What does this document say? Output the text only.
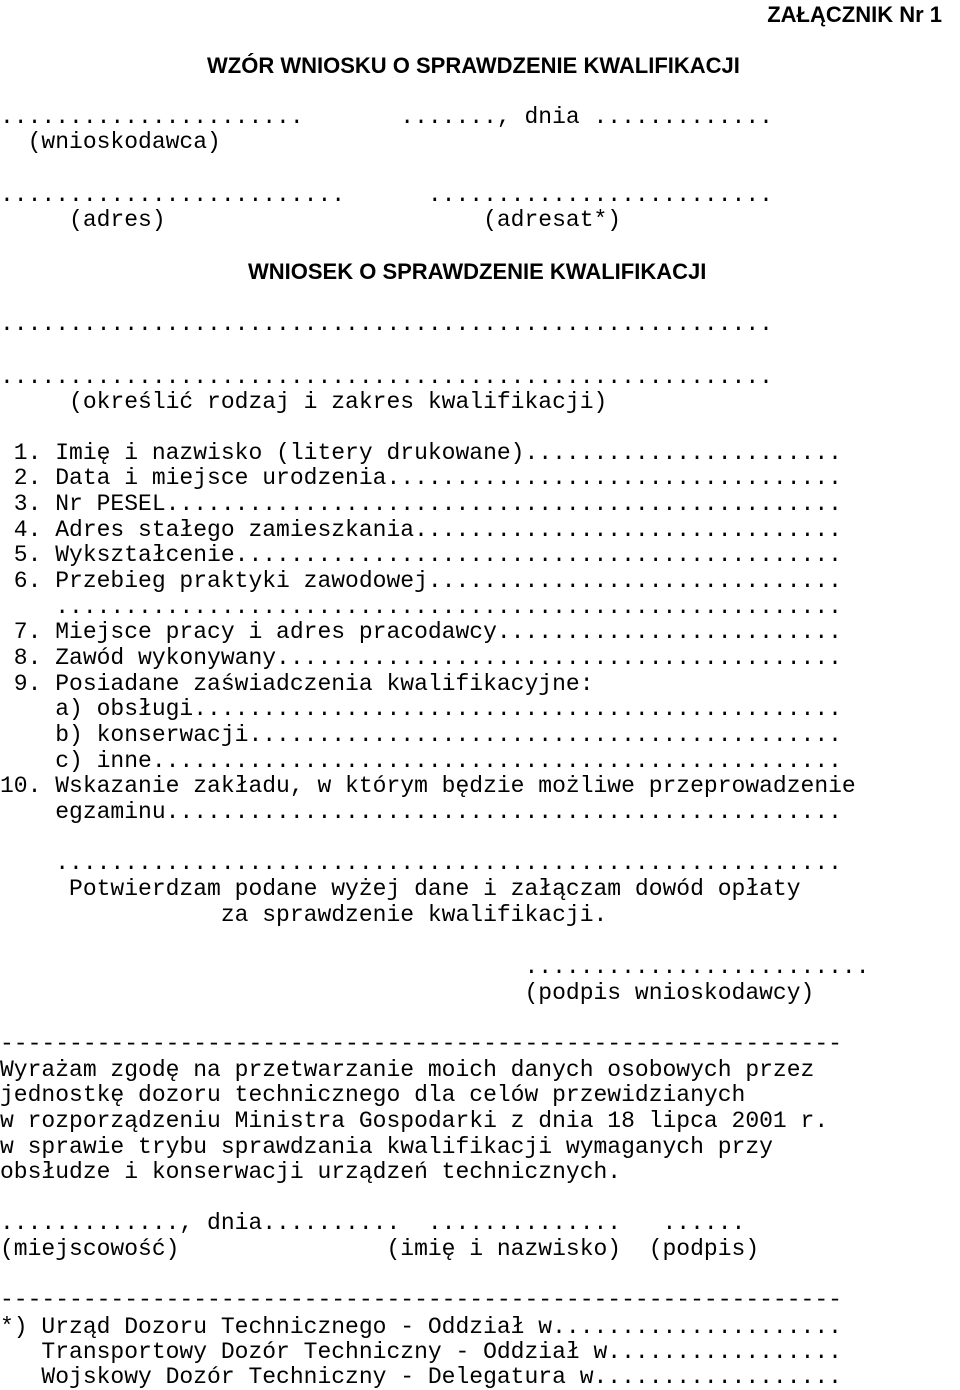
ZAŁĄCZNIK Nr 1
WZÓR WNIOSKU O SPRAWDZENIE KWALIFIKACJI
......................       ......., dnia .............
(wnioskodawca)
.........................      .........................
(adres)                       (adresat*)
WNIOSEK O SPRAWDZENIE KWALIFIKACJI
........................................................
........................................................
(określić rodzaj i zakres kwalifikacji)
1. Imię i nazwisko (litery drukowane).......................
2. Data i miejsce urodzenia.................................
3. Nr PESEL.................................................
4. Adres stałego zamieszkania...............................
5. Wykształcenie............................................
6. Przebieg praktyki zawodowej..............................
.........................................................
7. Miejsce pracy i adres pracodawcy.........................
8. Zawód wykonywany.........................................
9. Posiadane zaświadczenia kwalifikacyjne:
a) obsługi...............................................
b) konserwacji...........................................
c) inne..................................................
10. Wskazanie zakładu, w którym będzie możliwe przeprowadzenie
egzaminu.................................................
.........................................................
Potwierdzam podane wyżej dane i załączam dowód opłaty
za sprawdzenie kwalifikacji.
.........................
(podpis wnioskodawcy)
-------------------------------------------------------------
Wyrażam zgodę na przetwarzanie moich danych osobowych przez
jednostkę dozoru technicznego dla celów przewidzianych
w rozporządzeniu Ministra Gospodarki z dnia 18 lipca 2001 r.
w sprawie trybu sprawdzania kwalifikacji wymaganych przy
obsłudze i konserwacji urządzeń technicznych.
............., dnia..........  ..............   ......
(miejscowość)               (imię i nazwisko)  (podpis)
-------------------------------------------------------------
*) Urząd Dozoru Technicznego - Oddział w.....................
Transportowy Dozór Techniczny - Oddział w.................
Wojskowy Dozór Techniczny - Delegatura w..................
